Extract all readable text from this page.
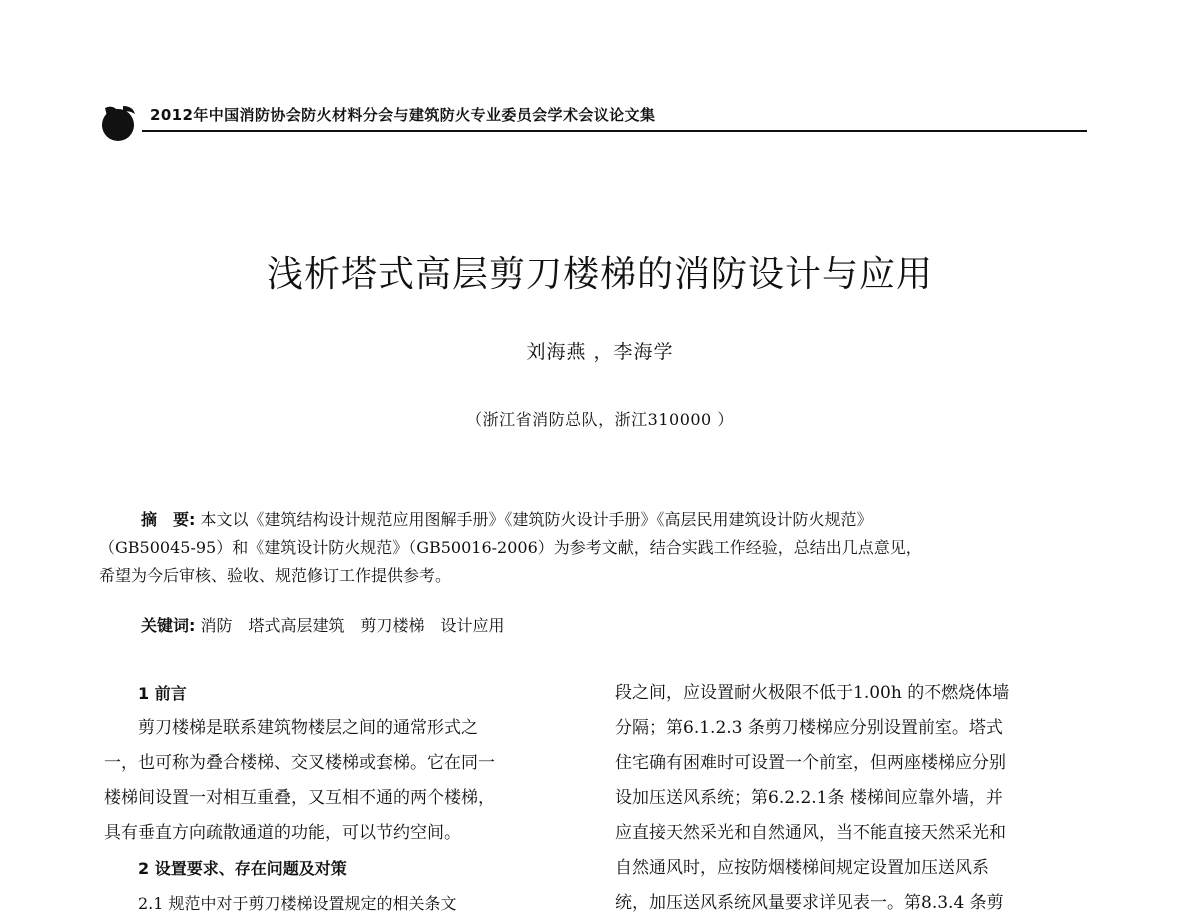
2012年中国消防协会防火材料分会与建筑防火专业委员会学术会议论文集
浅析塔式高层剪刀楼梯的消防设计与应用
刘海燕 ，李海学
（浙江省消防总队，浙江310000 ）
摘　要: 本文以《建筑结构设计规范应用图解手册》《建筑防火设计手册》《高层民用建筑设计防火规范》
（GB50045-95）和《建筑设计防火规范》（GB50016-2006）为参考文献，结合实践工作经验，总结出几点意见，
希望为今后审核、验收、规范修订工作提供参考。
关键词: 消防　塔式高层建筑　剪刀楼梯　设计应用
1 前言
剪刀楼梯是联系建筑物楼层之间的通常形式之
一，也可称为叠合楼梯、交叉楼梯或套梯。它在同一
楼梯间设置一对相互重叠，又互相不通的两个楼梯，
具有垂直方向疏散通道的功能，可以节约空间。
2 设置要求、存在问题及对策
2.1 规范中对于剪刀楼梯设置规定的相关条文
段之间，应设置耐火极限不低于1.00h 的不燃烧体墙
分隔；第6.1.2.3 条剪刀楼梯应分别设置前室。塔式
住宅确有困难时可设置一个前室，但两座楼梯应分别
设加压送风系统；第6.2.2.1条 楼梯间应靠外墙，并
应直接天然采光和自然通风，当不能直接天然采光和
自然通风时，应按防烟楼梯间规定设置加压送风系
统，加压送风系统风量要求详见表一。第8.3.4 条剪
